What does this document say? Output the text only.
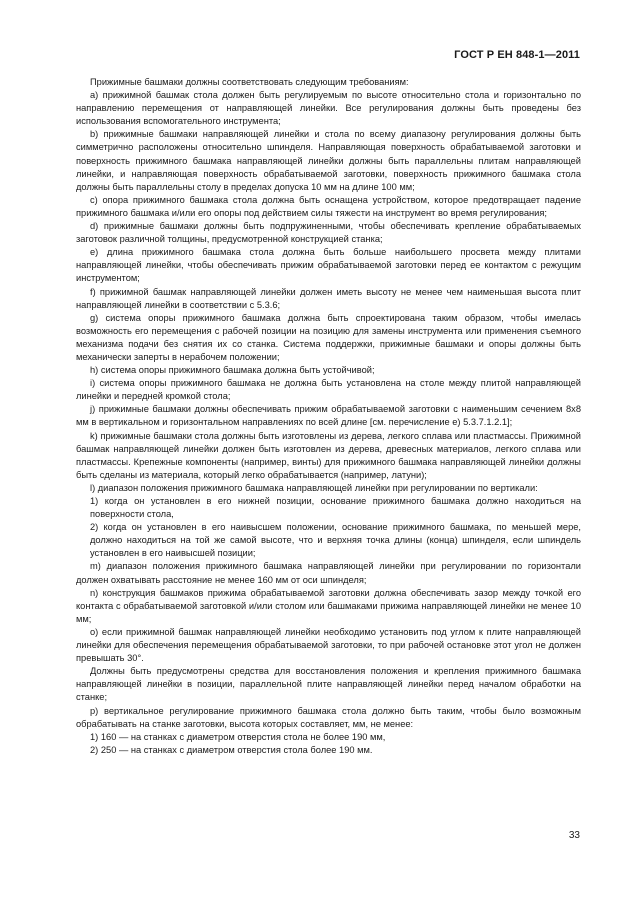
ГОСТ Р ЕН 848-1—2011

Прижимные башмаки должны соответствовать следующим требованиям:

a) прижимной башмак стола должен быть регулируемым по высоте относительно стола и горизонтально по направлению перемещения от направляющей линейки. Все регулирования должны быть проведены без использования вспомогательного инструмента;

b) прижимные башмаки направляющей линейки и стола по всему диапазону регулирования должны быть симметрично расположены относительно шпинделя. Направляющая поверхность обрабатываемой заготовки и поверхность прижимного башмака направляющей линейки должны быть параллельны плитам направляющей линейки, и направляющая поверхность обрабатываемой заготовки, поверхность прижимного башмака стола должны быть параллельны столу в пределах допуска 10 мм на длине 100 мм;

c) опора прижимного башмака стола должна быть оснащена устройством, которое предотвращает падение прижимного башмака и/или его опоры под действием силы тяжести на инструмент во время регулирования;

d) прижимные башмаки должны быть подпружиненными, чтобы обеспечивать крепление обрабатываемых заготовок различной толщины, предусмотренной конструкцией станка;

e) длина прижимного башмака стола должна быть больше наибольшего просвета между плитами направляющей линейки, чтобы обеспечивать прижим обрабатываемой заготовки перед ее контактом с режущим инструментом;

f) прижимной башмак направляющей линейки должен иметь высоту не менее чем наименьшая высота плит направляющей линейки в соответствии с 5.3.6;

g) система опоры прижимного башмака должна быть спроектирована таким образом, чтобы имелась возможность его перемещения с рабочей позиции на позицию для замены инструмента или применения съемного механизма подачи без снятия их со станка. Система поддержки, прижимные башмаки и опоры должны быть механически заперты в нерабочем положении;

h) система опоры прижимного башмака должна быть устойчивой;

i) система опоры прижимного башмака не должна быть установлена на столе между плитой направляющей линейки и передней кромкой стола;

j) прижимные башмаки должны обеспечивать прижим обрабатываемой заготовки с наименьшим сечением 8x8 мм в вертикальном и горизонтальном направлениях по всей длине [см. перечисление e) 5.3.7.1.2.1];

k) прижимные башмаки стола должны быть изготовлены из дерева, легкого сплава или пластмассы. Прижимной башмак направляющей линейки должен быть изготовлен из дерева, древесных материалов, легкого сплава или пластмассы. Крепежные компоненты (например, винты) для прижимного башмака направляющей линейки должны быть сделаны из материала, который легко обрабатывается (например, латуни);

l) диапазон положения прижимного башмака направляющей линейки при регулировании по вертикали:

1) когда он установлен в его нижней позиции, основание прижимного башмака должно находиться на поверхности стола,

2) когда он установлен в его наивысшем положении, основание прижимного башмака, по меньшей мере, должно находиться на той же самой высоте, что и верхняя точка длины (конца) шпинделя, если шпиндель установлен в его наивысшей позиции;

m) диапазон положения прижимного башмака направляющей линейки при регулировании по горизонтали должен охватывать расстояние не менее 160 мм от оси шпинделя;

n) конструкция башмаков прижима обрабатываемой заготовки должна обеспечивать зазор между точкой его контакта с обрабатываемой заготовкой и/или столом или башмаками прижима направляющей линейки не менее 10 мм;

o) если прижимной башмак направляющей линейки необходимо установить под углом к плите направляющей линейки для обеспечения перемещения обрабатываемой заготовки, то при рабочей остановке этот угол не должен превышать 30°.

Должны быть предусмотрены средства для восстановления положения и крепления прижимного башмака направляющей линейки в позиции, параллельной плите направляющей линейки перед началом обработки на станке;

p) вертикальное регулирование прижимного башмака стола должно быть таким, чтобы было возможным обрабатывать на станке заготовки, высота которых составляет, мм, не менее:

1) 160 — на станках с диаметром отверстия стола не более 190 мм,

2) 250 — на станках с диаметром отверстия стола более 190 мм.

33
